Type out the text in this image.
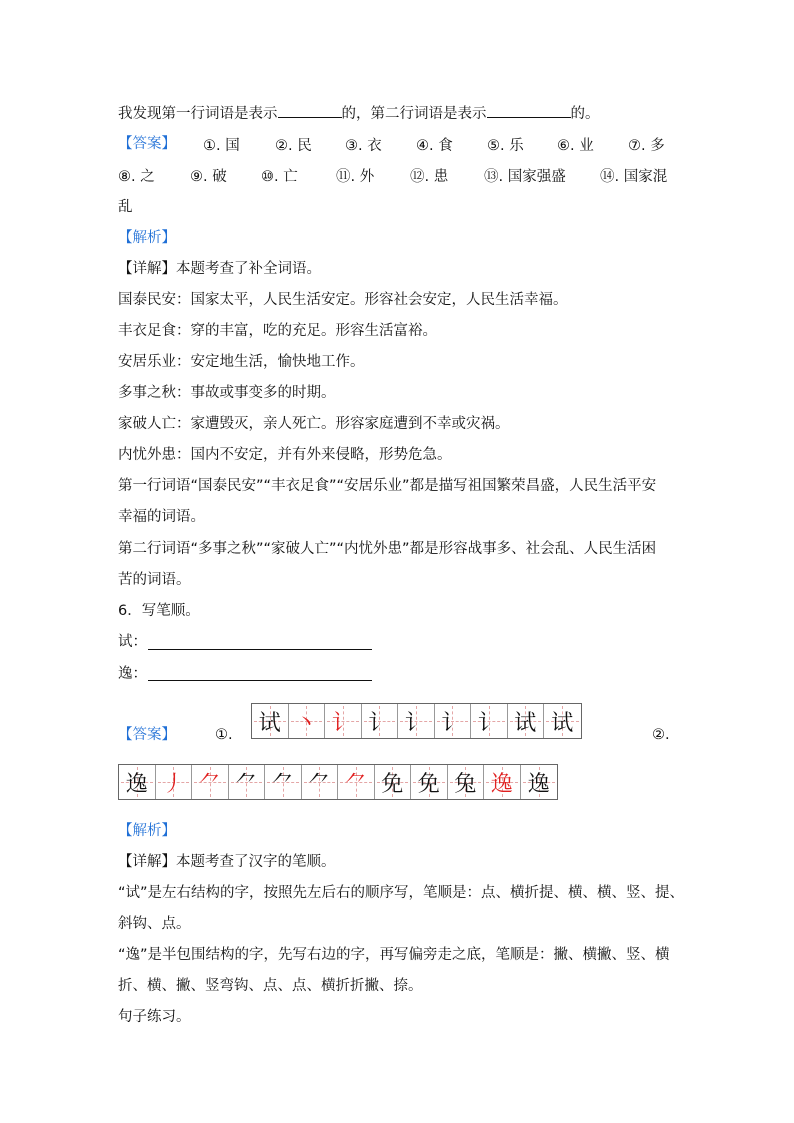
我发现第一行词语是表示	的，第二行词语是表示	的。
【答案】 ①. 国 ②. 民 ③. 衣 ④. 食 ⑤. 乐 ⑥. 业 ⑦. 多
⑧. 之 ⑨. 破 ⑩. 亡	⑪. 外 ⑫. 患 ⑬. 国家强盛 ⑭. 国家混
乱
【解析】
【详解】本题考查了补全词语。
国泰民安：国家太平，人民生活安定。形容社会安定，人民生活幸福。
丰衣足食：穿的丰富，吃的充足。形容生活富裕。
安居乐业：安定地生活，愉快地工作。
多事之秋：事故或事变多的时期。
家破人亡：家遭毁灭，亲人死亡。形容家庭遭到不幸或灾祸。
内忧外患：国内不安定，并有外来侵略，形势危急。
第一行词语“国泰民安”“丰衣足食”“安居乐业”都是描写祖国繁荣昌盛，人民生活平安
幸福的词语。
第二行词语“多事之秋”“家破人亡”“内忧外患”都是形容战事多、社会乱、人民生活困
苦的词语。
6．写笔顺。
试：
逸：
【答案】	①.	②.
试 丶 讠 讠 讠 讠 讠 试 试
逸 丿 ⺈ ⺈ ⺈ ⺈ ⺈ 免 免 兔 逸 逸
【解析】
【详解】本题考查了汉字的笔顺。
“试”是左右结构的字，按照先左后右的顺序写，笔顺是：点、横折提、横、横、竖、提、
斜钩、点。
“逸”是半包围结构的字，先写右边的字，再写偏旁走之底，笔顺是：撇、横撇、竖、横
折、横、撇、竖弯钩、点、点、横折折撇、捺。
句子练习。
